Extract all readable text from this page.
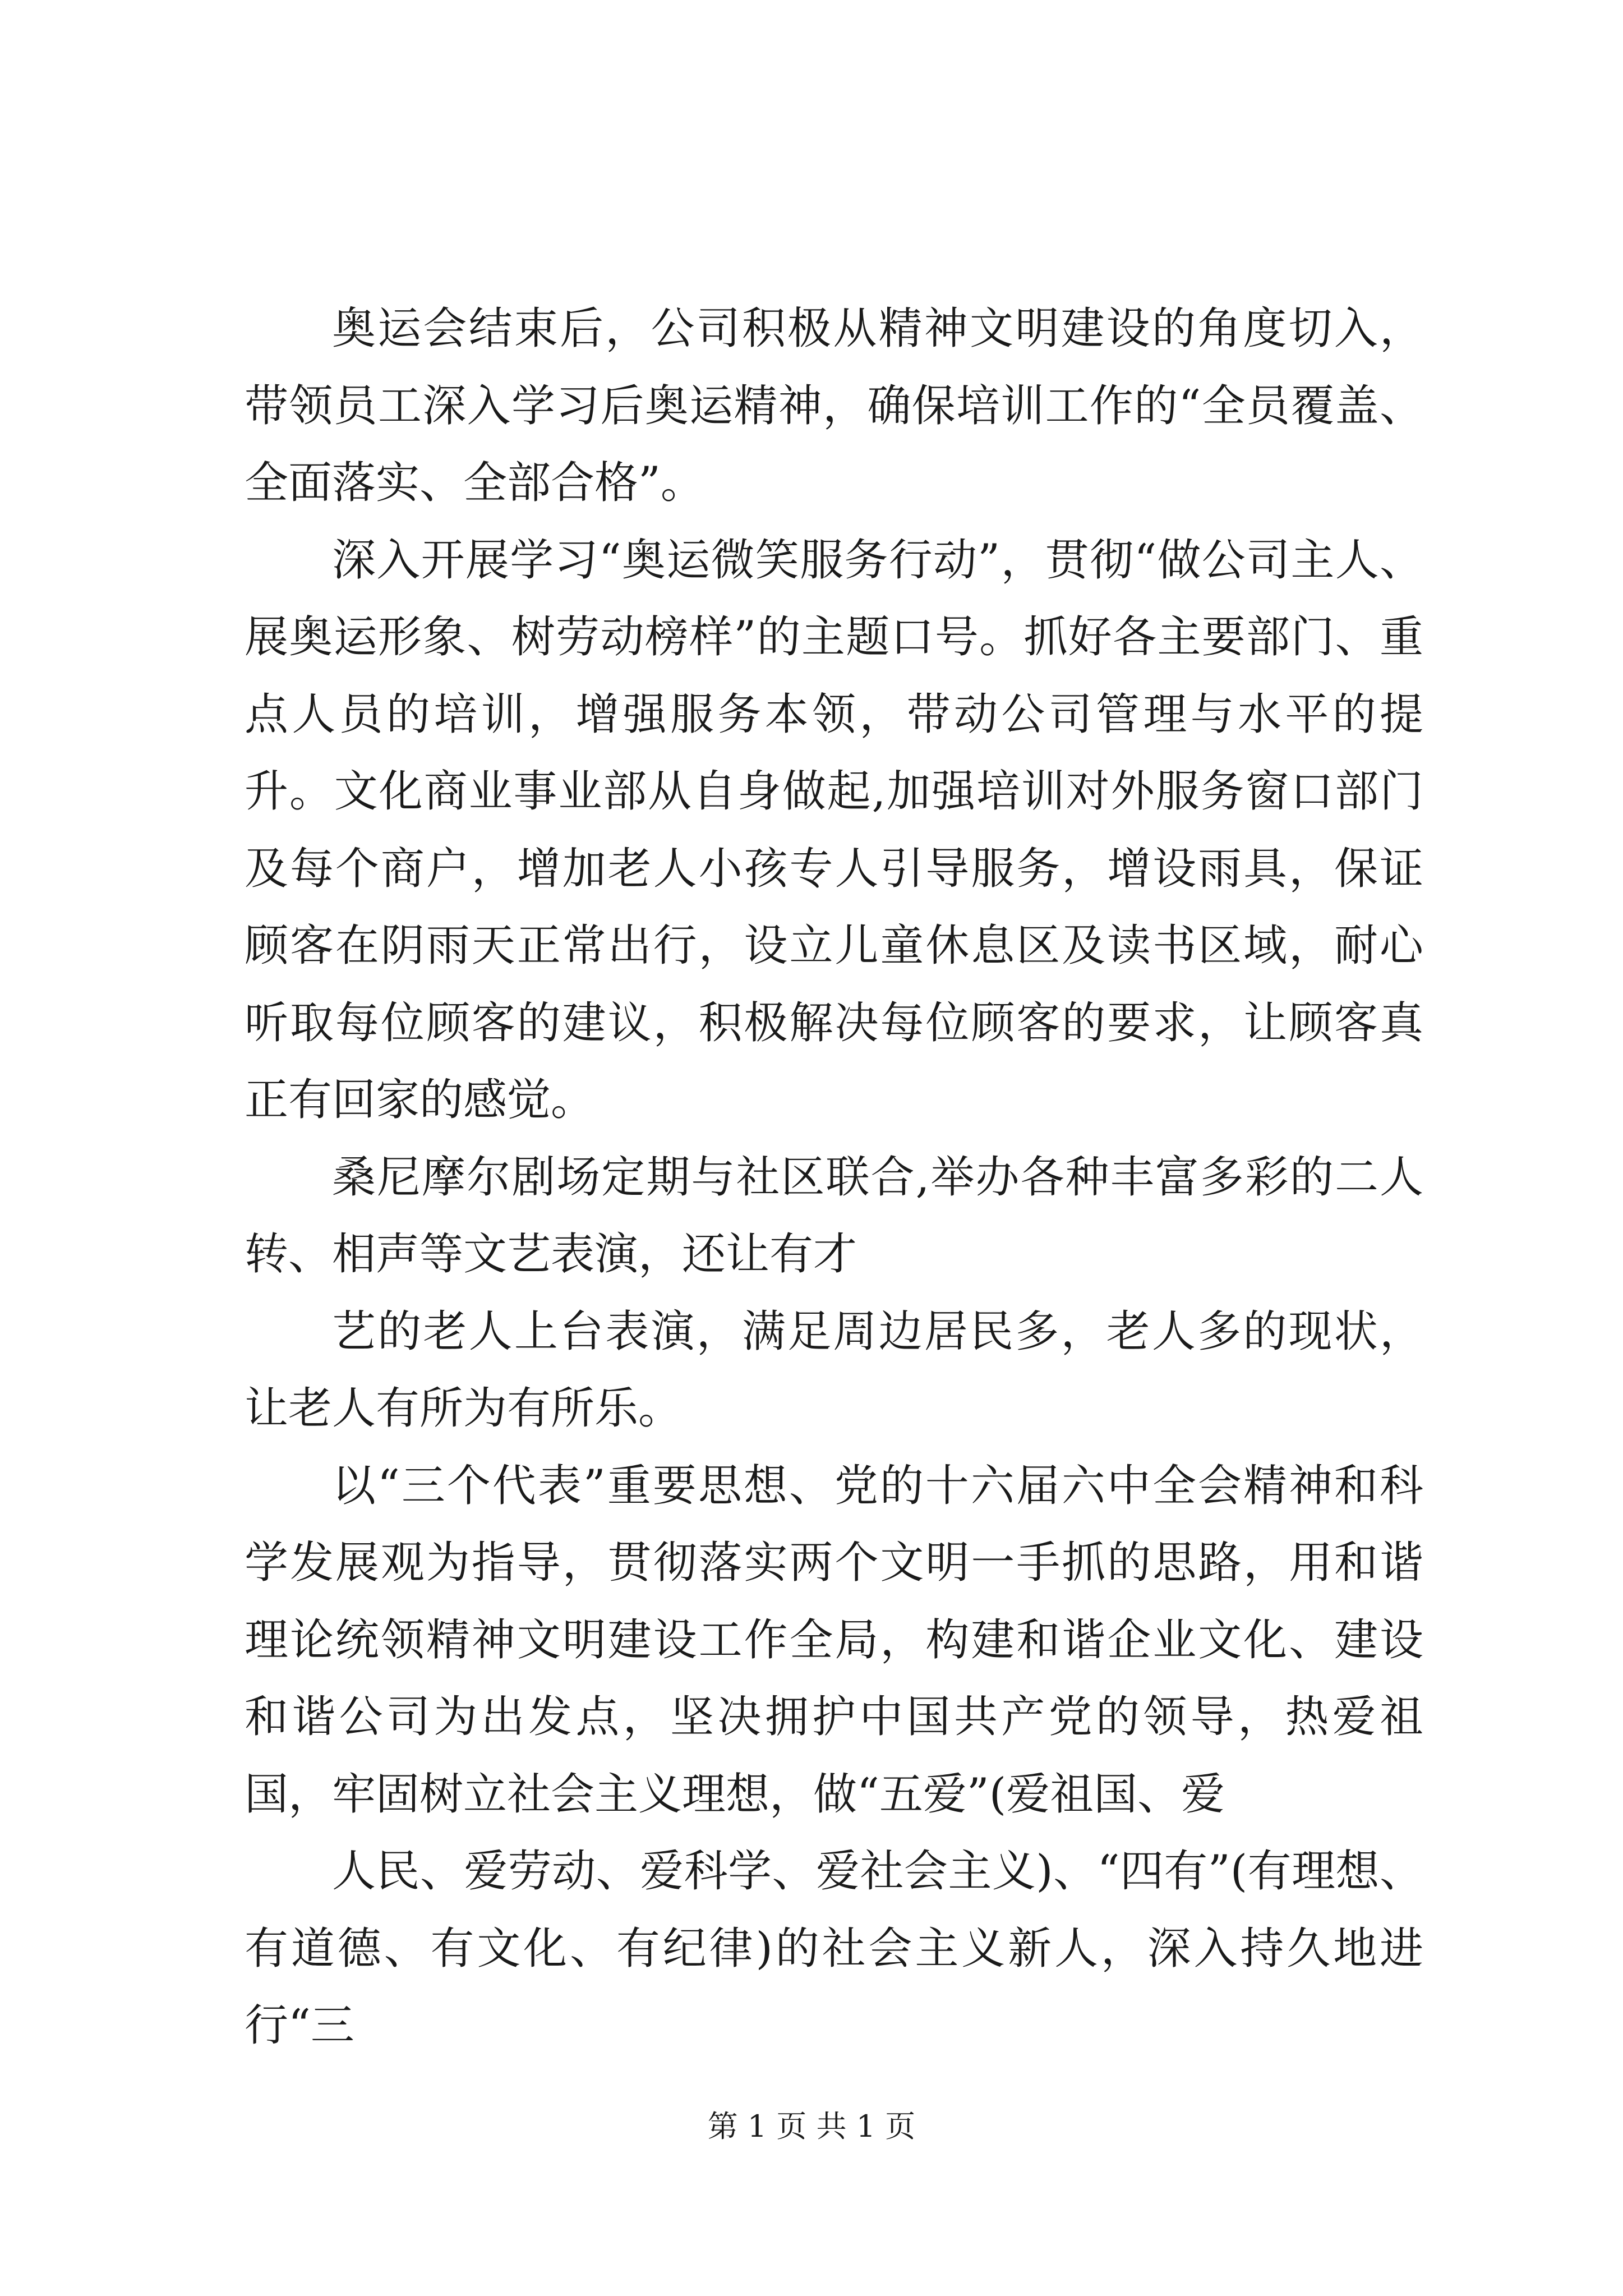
奥运会结束后，公司积极从精神文明建设的角度切入，带领员工深入学习后奥运精神，确保培训工作的“全员覆盖、全面落实、全部合格”。

深入开展学习“奥运微笑服务行动”，贯彻“做公司主人、展奥运形象、树劳动榜样”的主题口号。抓好各主要部门、重点人员的培训，增强服务本领，带动公司管理与水平的提升。文化商业事业部从自身做起,加强培训对外服务窗口部门及每个商户，增加老人小孩专人引导服务，增设雨具，保证顾客在阴雨天正常出行，设立儿童休息区及读书区域，耐心听取每位顾客的建议，积极解决每位顾客的要求，让顾客真正有回家的感觉。

桑尼摩尔剧场定期与社区联合,举办各种丰富多彩的二人转、相声等文艺表演，还让有才

艺的老人上台表演，满足周边居民多，老人多的现状，让老人有所为有所乐。

以“三个代表”重要思想、党的十六届六中全会精神和科学发展观为指导，贯彻落实两个文明一手抓的思路，用和谐理论统领精神文明建设工作全局，构建和谐企业文化、建设和谐公司为出发点，坚决拥护中国共产党的领导，热爱祖国，牢固树立社会主义理想，做“五爱”(爱祖国、爱

人民、爱劳动、爱科学、爱社会主义)、“四有”(有理想、有道德、有文化、有纪律)的社会主义新人，深入持久地进行“三

第 1 页 共 1 页
